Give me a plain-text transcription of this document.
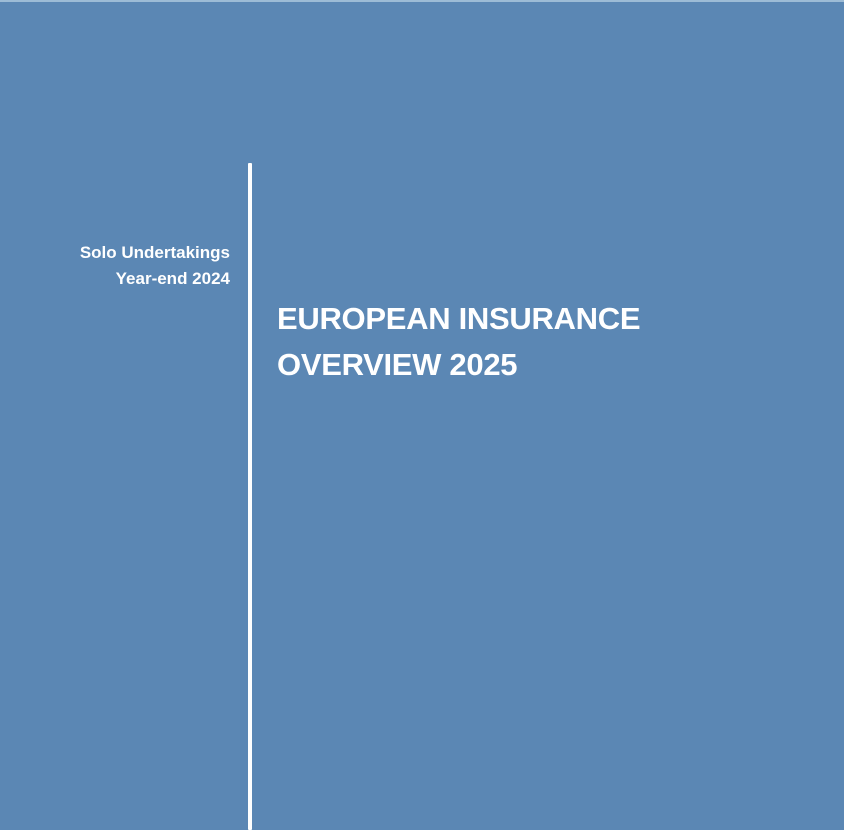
Solo Undertakings
Year-end 2024
EUROPEAN INSURANCE
OVERVIEW 2025
